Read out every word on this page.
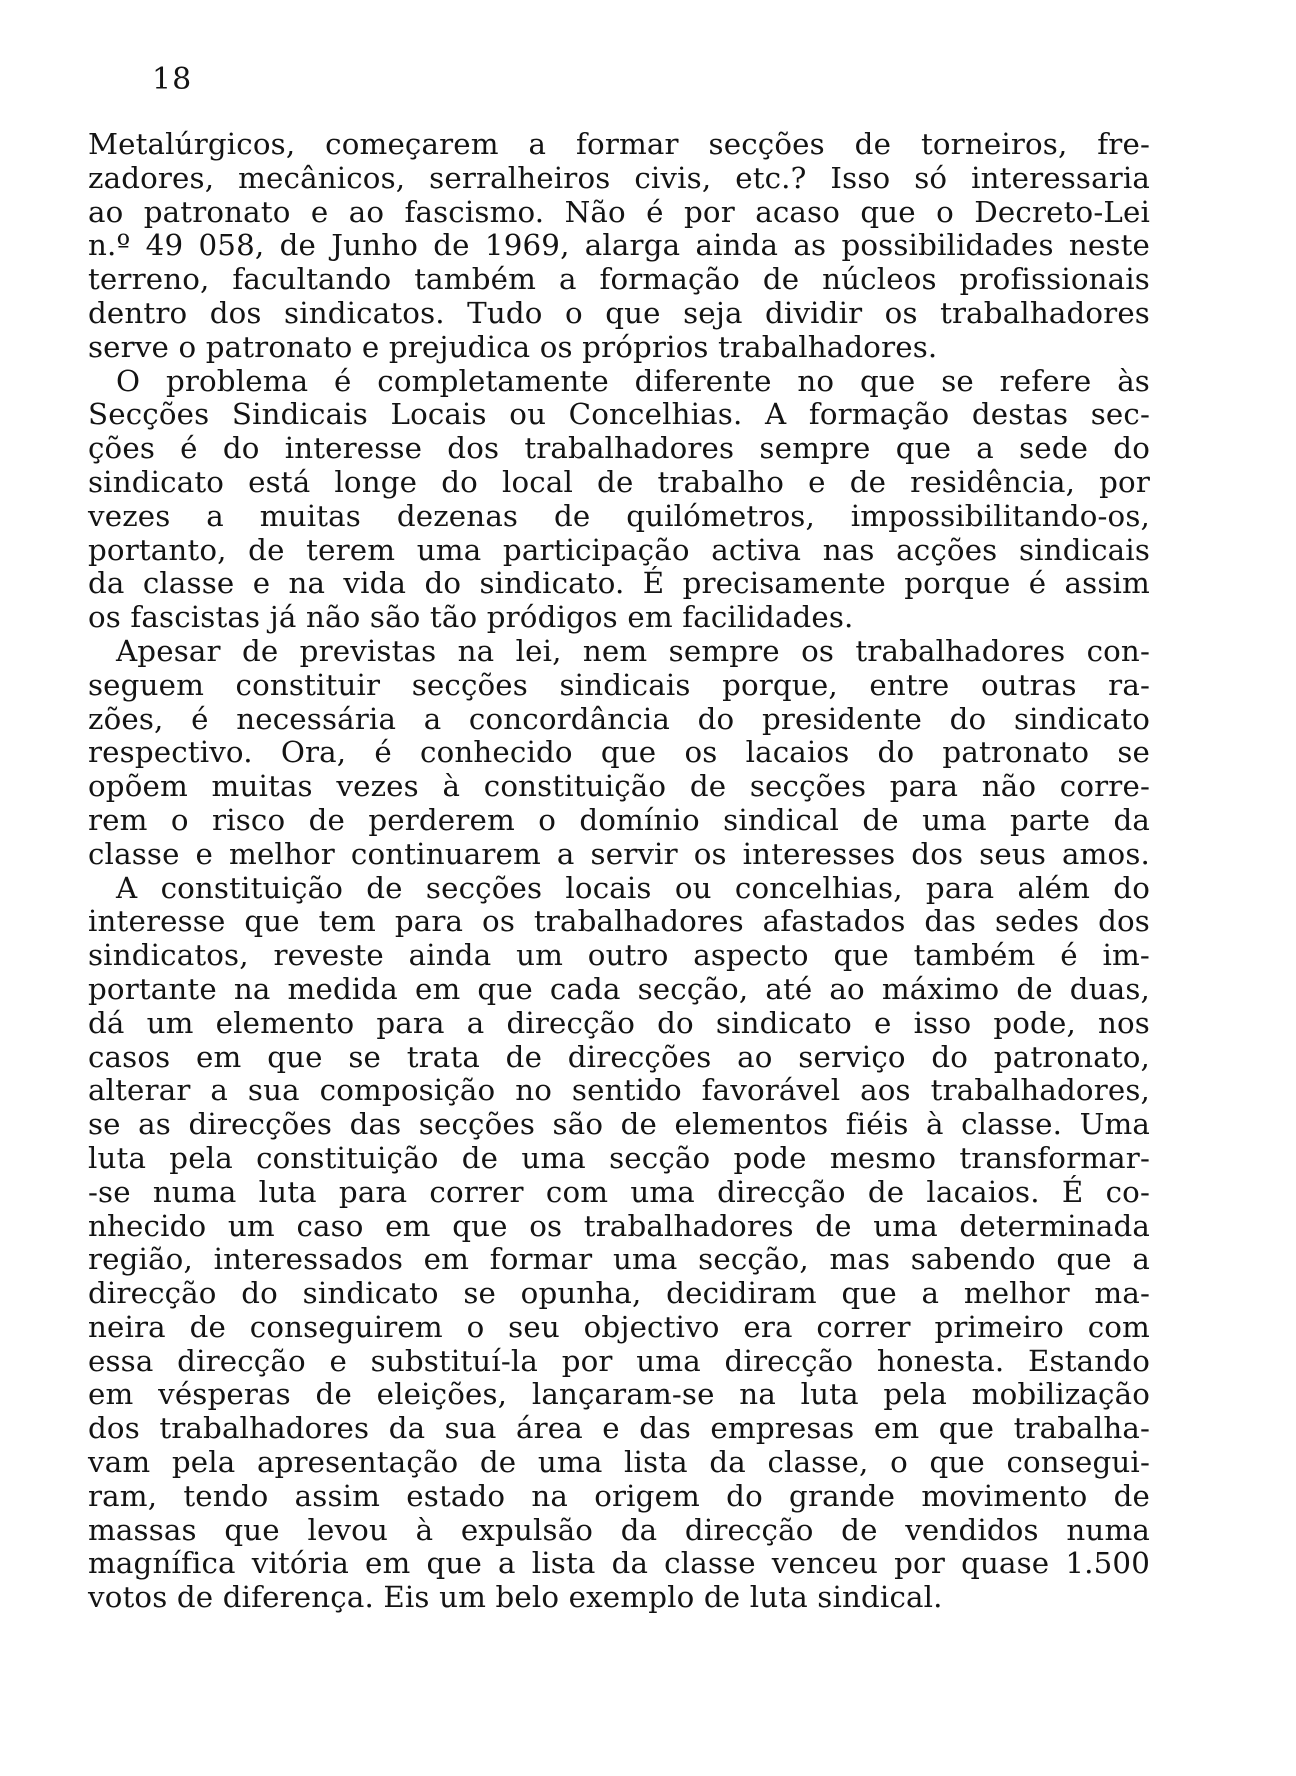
18
Metalúrgicos, começarem a formar secções de torneiros, fre-
zadores, mecânicos, serralheiros civis, etc.? Isso só interessaria
ao patronato e ao fascismo. Não é por acaso que o Decreto-Lei
n.º 49 058, de Junho de 1969, alarga ainda as possibilidades neste
terreno, facultando também a formação de núcleos profissionais
dentro dos sindicatos. Tudo o que seja dividir os trabalhadores
serve o patronato e prejudica os próprios trabalhadores.
O problema é completamente diferente no que se refere às
Secções Sindicais Locais ou Concelhias. A formação destas sec-
ções é do interesse dos trabalhadores sempre que a sede do
sindicato está longe do local de trabalho e de residência, por
vezes a muitas dezenas de quilómetros, impossibilitando-os,
portanto, de terem uma participação activa nas acções sindicais
da classe e na vida do sindicato. É precisamente porque é assim
os fascistas já não são tão pródigos em facilidades.
Apesar de previstas na lei, nem sempre os trabalhadores con-
seguem constituir secções sindicais porque, entre outras ra-
zões, é necessária a concordância do presidente do sindicato
respectivo. Ora, é conhecido que os lacaios do patronato se
opõem muitas vezes à constituição de secções para não corre-
rem o risco de perderem o domínio sindical de uma parte da
classe e melhor continuarem a servir os interesses dos seus amos.
A constituição de secções locais ou concelhias, para além do
interesse que tem para os trabalhadores afastados das sedes dos
sindicatos, reveste ainda um outro aspecto que também é im-
portante na medida em que cada secção, até ao máximo de duas,
dá um elemento para a direcção do sindicato e isso pode, nos
casos em que se trata de direcções ao serviço do patronato,
alterar a sua composição no sentido favorável aos trabalhadores,
se as direcções das secções são de elementos fiéis à classe. Uma
luta pela constituição de uma secção pode mesmo transformar-
-se numa luta para correr com uma direcção de lacaios. É co-
nhecido um caso em que os trabalhadores de uma determinada
região, interessados em formar uma secção, mas sabendo que a
direcção do sindicato se opunha, decidiram que a melhor ma-
neira de conseguirem o seu objectivo era correr primeiro com
essa direcção e substituí-la por uma direcção honesta. Estando
em vésperas de eleições, lançaram-se na luta pela mobilização
dos trabalhadores da sua área e das empresas em que trabalha-
vam pela apresentação de uma lista da classe, o que consegui-
ram, tendo assim estado na origem do grande movimento de
massas que levou à expulsão da direcção de vendidos numa
magnífica vitória em que a lista da classe venceu por quase 1.500
votos de diferença. Eis um belo exemplo de luta sindical.
